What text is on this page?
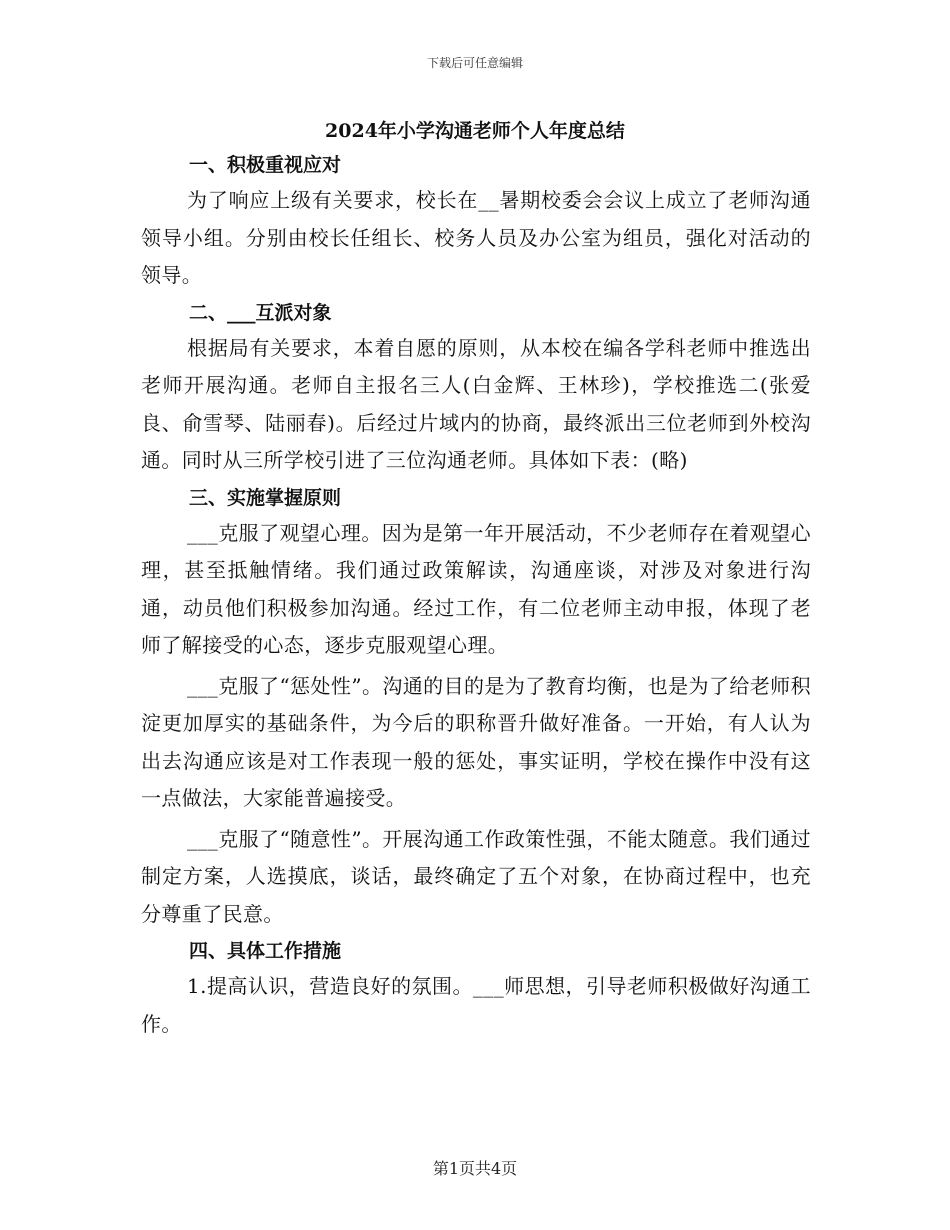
下载后可任意编辑
2024年小学沟通老师个人年度总结
一、积极重视应对

为了响应上级有关要求，校长在__暑期校委会会议上成立了老师沟通领导小组。分别由校长任组长、校务人员及办公室为组员，强化对活动的领导。

二、___互派对象

根据局有关要求，本着自愿的原则，从本校在编各学科老师中推选出老师开展沟通。老师自主报名三人(白金辉、王林珍)，学校推选二(张爱良、俞雪琴、陆丽春)。后经过片域内的协商，最终派出三位老师到外校沟通。同时从三所学校引进了三位沟通老师。具体如下表：(略)

三、实施掌握原则

___克服了观望心理。因为是第一年开展活动，不少老师存在着观望心理，甚至抵触情绪。我们通过政策解读，沟通座谈，对涉及对象进行沟通，动员他们积极参加沟通。经过工作，有二位老师主动申报，体现了老师了解接受的心态，逐步克服观望心理。

___克服了“惩处性”。沟通的目的是为了教育均衡，也是为了给老师积淀更加厚实的基础条件，为今后的职称晋升做好准备。一开始，有人认为出去沟通应该是对工作表现一般的惩处，事实证明，学校在操作中没有这一点做法，大家能普遍接受。

___克服了“随意性”。开展沟通工作政策性强，不能太随意。我们通过制定方案，人选摸底，谈话，最终确定了五个对象，在协商过程中，也充分尊重了民意。

四、具体工作措施

1.提高认识，营造良好的氛围。___师思想，引导老师积极做好沟通工作。

第1页共4页
